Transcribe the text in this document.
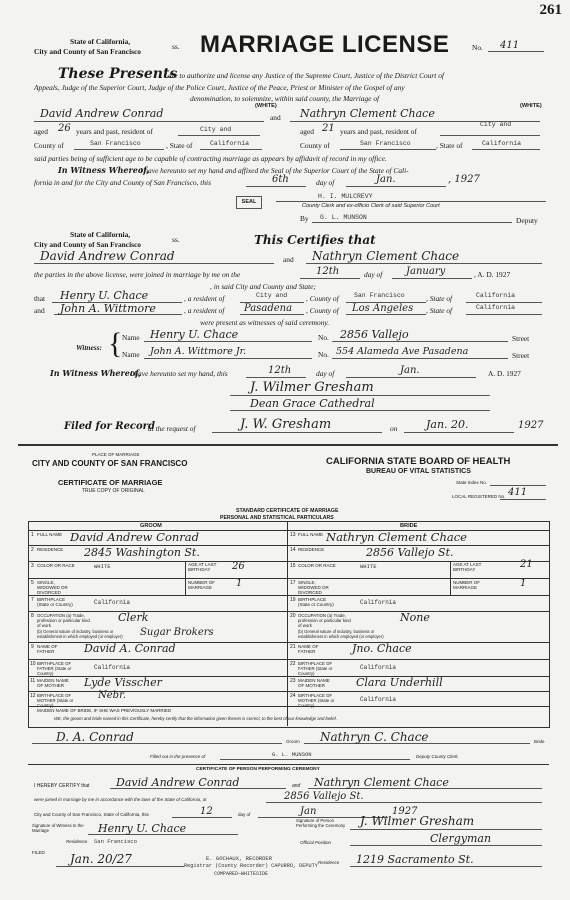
261
State of California,
City and County of San Francisco
ss. MARRIAGE LICENSE	No. 411
These Presents
are to authorize and license any Justice of the Supreme Court, Justice of the District Court of
Appeals, Judge of the Superior Court, Judge of the Police Court, Justice of the Peace, Priest or Minister of the Gospel of any
denomination, to solemnize, within said county, the Marriage of
(WHITE)	(WHITE)
David Andrew Conrad	and Nathryn Clement Chace
aged 26 years and past, resident of	City and	aged 21 years and past, resident of
City and
County of	San Francisco	, State of	California	County of	San Francisco	, State of	California
said parties being of sufficient age to be capable of contracting marriage as appears by affidavit of record in my office.
In Witness Whereof,
I have hereunto set my hand and affixed the Seal of the Superior Court of the State of Cali-
fornia in and for the City and County of San Francisco, this	6th	day of	Jan.	, 1927
SEAL
H. I. MULCREVY
County Clerk and ex-officio Clerk of said Superior Court
By G. L. MUNSON	Deputy
State of California,
City and County of San Francisco
ss.	This Certifies that
David Andrew Conrad	and Nathryn Clement Chace
the parties in the above license, were joined in marriage by me on the	12th	day of January	, A. D. 1927
, in said City and County and State;
that Henry U. Chace	, a resident of	City and	, County of San Francisco	, State of	California
and John A. Wittmore	, a resident of Pasadena , County of Los Angeles , State of	California
were present as witnesses of said ceremony.
Witness: { Name Henry U. Chace	No. 2856 Vallejo	Street
Name John A. Wittmore Jr.	No. 554 Alameda Ave Pasadena	Street
In Witness Whereof,
I have hereunto set my hand, this	12th	day of	Jan.	A. D. 1927
J. Wilmer Gresham
Dean Grace Cathedral
Filed for Record
at the request of	J. W. Gresham	on	Jan. 20.	1927
PLACE OF MARRIAGE
CITY AND COUNTY OF SAN FRANCISCO
CERTIFICATE OF MARRIAGE
TRUE COPY OF ORIGINAL
CALIFORNIA STATE BOARD OF HEALTH
BUREAU OF VITAL STATISTICS
State Index No.
LOCAL REGISTERED No. 411
STANDARD CERTIFICATE OF MARRIAGE
PERSONAL AND STATISTICAL PARTICULARS
GROOM	BRIDE
1 FULL NAME David Andrew Conrad
2 RESIDENCE 2845 Washington St.
3 COLOR OR RACE	WHITE	AGE AT LAST BIRTHDAY	26
5 SINGLE, WIDOWED OR DIVORCED
NUMBER OF MARRIAGE	1
7 BIRTHPLACE (State or Country)	California
8 OCCUPATION (a) Trade, profession or particular kind of work
Clerk
(b) General nature of industry, business or establishment in which employed (or employer)	Sugar Brokers
9 NAME OF FATHER	David A. Conrad
10 BIRTHPLACE OF FATHER (State or Country)
California
11 MAIDEN NAME OF MOTHER	Lyde Visscher
12 BIRTHPLACE OF MOTHER (State or Country)
Nebr.
13 FULL NAME Nathryn Clement Chace
14 RESIDENCE	2856 Vallejo St.
15 COLOR OR RACE	WHITE	AGE AT LAST BIRTHDAY	21
17 SINGLE, WIDOWED OR DIVORCED
NUMBER OF MARRIAGE	1
19 BIRTHPLACE (State or Country)	California
20 OCCUPATION (a) Trade, profession or particular kind of work
None
(b) General nature of industry, business or establishment in which employed (or employer)
21 NAME OF FATHER	Jno. Chace
22 BIRTHPLACE OF FATHER (State or Country)
California
23 MAIDEN NAME OF MOTHER	Clara Underhill
24 BIRTHPLACE OF MOTHER (State or Country)
California
MAIDEN NAME OF BRIDE, IF SHE WAS PREVIOUSLY MARRIED
WE, the groom and bride named in this Certificate, hereby certify that the information given therein is correct, to the best of our knowledge and belief.
D. A. Conrad	Groom Nathryn C. Chace	Bride
Filled out in the presence of	G. L. MUNSON	Deputy County Clerk.
CERTIFICATE OF PERSON PERFORMING CEREMONY
I HEREBY CERTIFY that David Andrew Conrad	and Nathryn Clement Chace
were joined in marriage by me in accordance with the laws of the State of California, at	2856 Vallejo St.
City and County of San Francisco, State of California, this	12	day of	Jan	1927
Signature of Witness to the Marriage	Henry U. Chace
Residence San Francisco
Signature of Person Performing the Ceremony	J. Wilmer Gresham
Official Position	Clergyman
FILED Jan. 20/27	E. GOCHAUX, RECORDER
Registrar (County Recorder) CAPURRO, DEPUTY
COMPARED—WHITESIDE
Residence 1219 Sacramento St.
